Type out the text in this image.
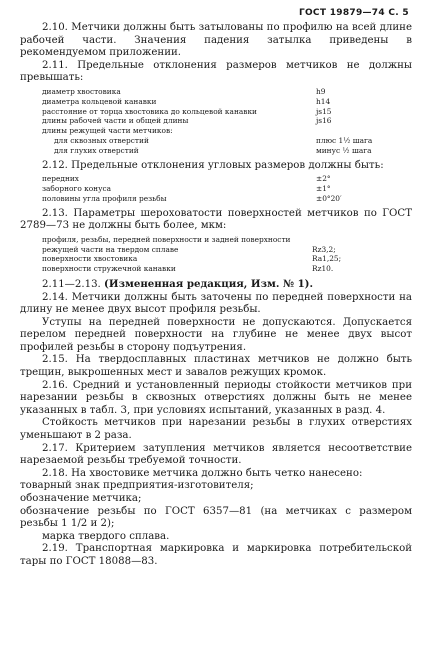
ГОСТ 19879—74 С. 5

2.10. Метчики должны быть затылованы по профилю на всей длине рабочей части. Значения падения затылка приведены в рекомендуемом приложении.

2.11. Предельные отклонения размеров метчиков не должны превышать:

диаметр хвостовика	h9
диаметра кольцевой канавки	h14
расстояние от торца хвостовика до кольцевой канавки	js15
длины рабочей части и общей длины	js16
длины режущей части метчиков:
для сквозных отверстий	плюс 1½ шага
для глухих отверстий	минус ½ шага

2.12. Предельные отклонения угловых размеров должны быть:

передних	±2°
заборного конуса	±1°
половины угла профиля резьбы	±0°20′

2.13. Параметры шероховатости поверхностей метчиков по ГОСТ 2789—73 не должны быть более, мкм:

профиля, резьбы, передней поверхности и задней поверхности
режущей части на твердом сплаве	Rz3,2;
поверхности хвостовика	Ra1,25;
поверхности стружечной канавки	Rz10.

2.11—2.13. (Измененная редакция, Изм. № 1).

2.14. Метчики должны быть заточены по передней поверхности на длину не менее двух высот профиля резьбы.

Уступы на передней поверхности не допускаются. Допускается перелом передней поверхности на глубине не менее двух высот профилей резьбы в сторону подъутрения.

2.15. На твердосплавных пластинах метчиков не должно быть трещин, выкрошенных мест и завалов режущих кромок.

2.16. Средний и установленный периоды стойкости метчиков при нарезании резьбы в сквозных отверстиях должны быть не менее указанных в табл. 3, при условиях испытаний, указанных в разд. 4.

Стойкость метчиков при нарезании резьбы в глухих отверстиях уменьшают в 2 раза.

2.17. Критерием затупления метчиков является несоответствие нарезаемой резьбы требуемой точности.

2.18. На хвостовике метчика должно быть четко нанесено:

товарный знак предприятия-изготовителя;

обозначение метчика;

обозначение резьбы по ГОСТ 6357—81 (на метчиках с размером резьбы 1 1/2 и 2);

марка твердого сплава.

2.19. Транспортная маркировка и маркировка потребительской тары по ГОСТ 18088—83.
